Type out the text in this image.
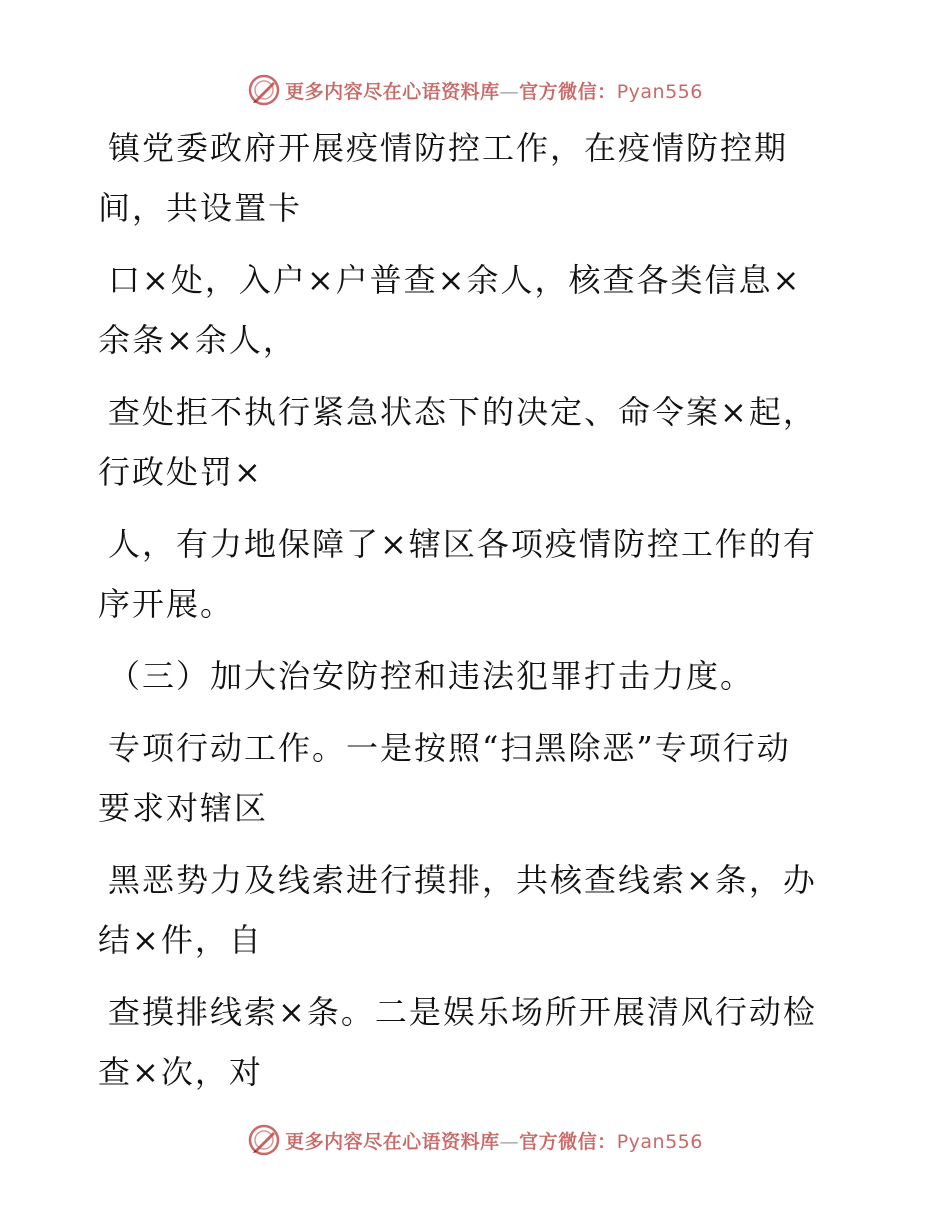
更多内容尽在心语资料库—官方微信：Pyan556

镇党委政府开展疫情防控工作，在疫情防控期
间，共设置卡

口×处，入户×户普查×余人，核查各类信息×
余条×余人，

查处拒不执行紧急状态下的决定、命令案×起，
行政处罚×

人，有力地保障了×辖区各项疫情防控工作的有
序开展。

（三）加大治安防控和违法犯罪打击力度。

专项行动工作。一是按照“扫黑除恶”专项行动
要求对辖区

黑恶势力及线索进行摸排，共核查线索×条，办
结×件，自

查摸排线索×条。二是娱乐场所开展清风行动检
查×次，对

更多内容尽在心语资料库—官方微信：Pyan556
